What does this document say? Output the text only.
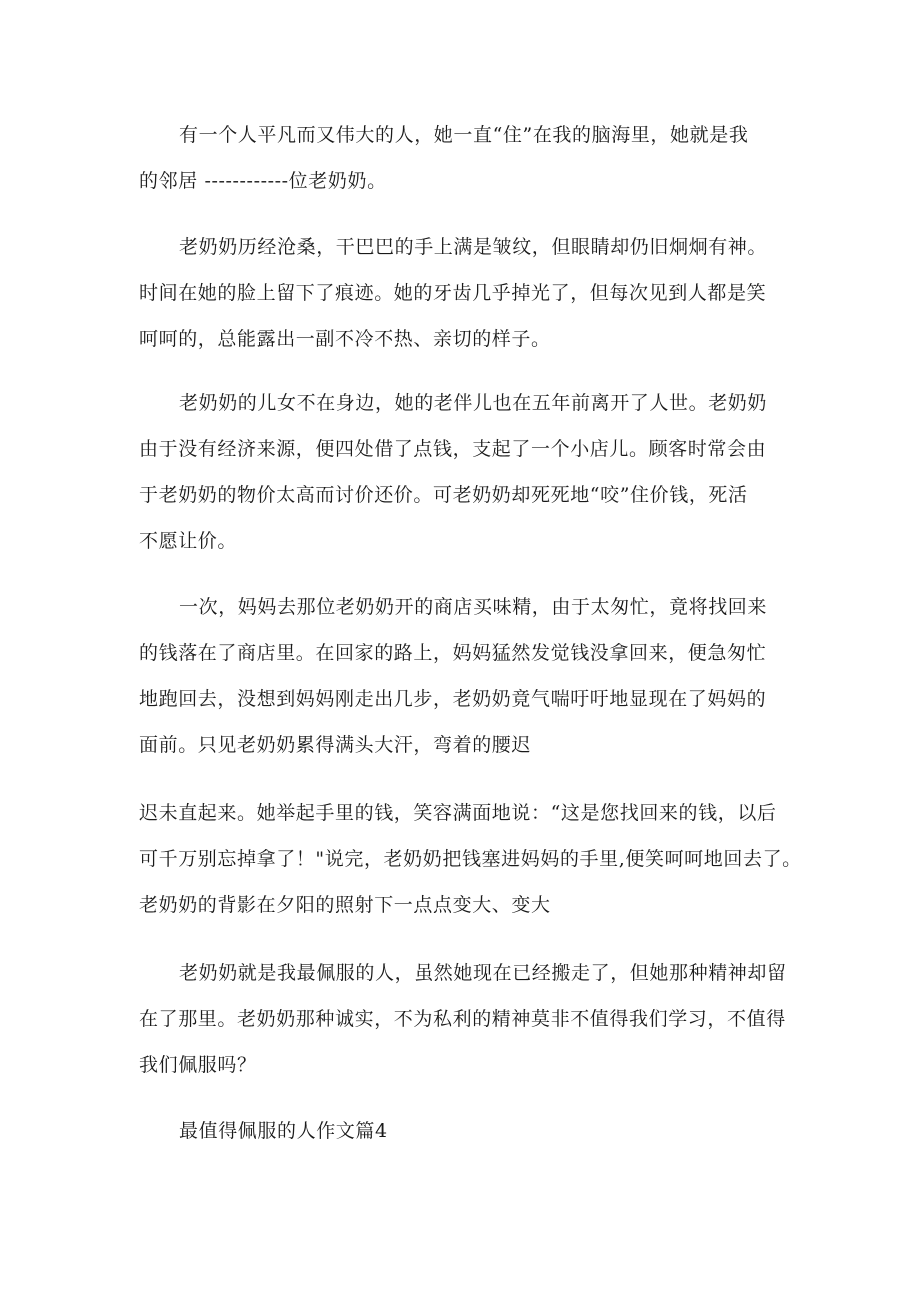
有一个人平凡而又伟大的人，她一直“住”在我的脑海里，她就是我
的邻居 ------------位老奶奶。
老奶奶历经沧桑，干巴巴的手上满是皱纹，但眼睛却仍旧炯炯有神。
时间在她的脸上留下了痕迹。她的牙齿几乎掉光了，但每次见到人都是笑
呵呵的，总能露出一副不冷不热、亲切的样子。
老奶奶的儿女不在身边，她的老伴儿也在五年前离开了人世。老奶奶
由于没有经济来源，便四处借了点钱，支起了一个小店儿。顾客时常会由
于老奶奶的物价太高而讨价还价。可老奶奶却死死地“咬”住价钱，死活
不愿让价。
一次，妈妈去那位老奶奶开的商店买味精，由于太匆忙，竟将找回来
的钱落在了商店里。在回家的路上，妈妈猛然发觉钱没拿回来，便急匆忙
地跑回去，没想到妈妈刚走出几步，老奶奶竟气喘吁吁地显现在了妈妈的
面前。只见老奶奶累得满头大汗，弯着的腰迟
迟未直起来。她举起手里的钱，笑容满面地说：“这是您找回来的钱，以后
可千万别忘掉拿了！"说完，老奶奶把钱塞进妈妈的手里,便笑呵呵地回去了。
老奶奶的背影在夕阳的照射下一点点变大、变大
老奶奶就是我最佩服的人，虽然她现在已经搬走了，但她那种精神却留
在了那里。老奶奶那种诚实，不为私利的精神莫非不值得我们学习，不值得
我们佩服吗？
最值得佩服的人作文篇4
